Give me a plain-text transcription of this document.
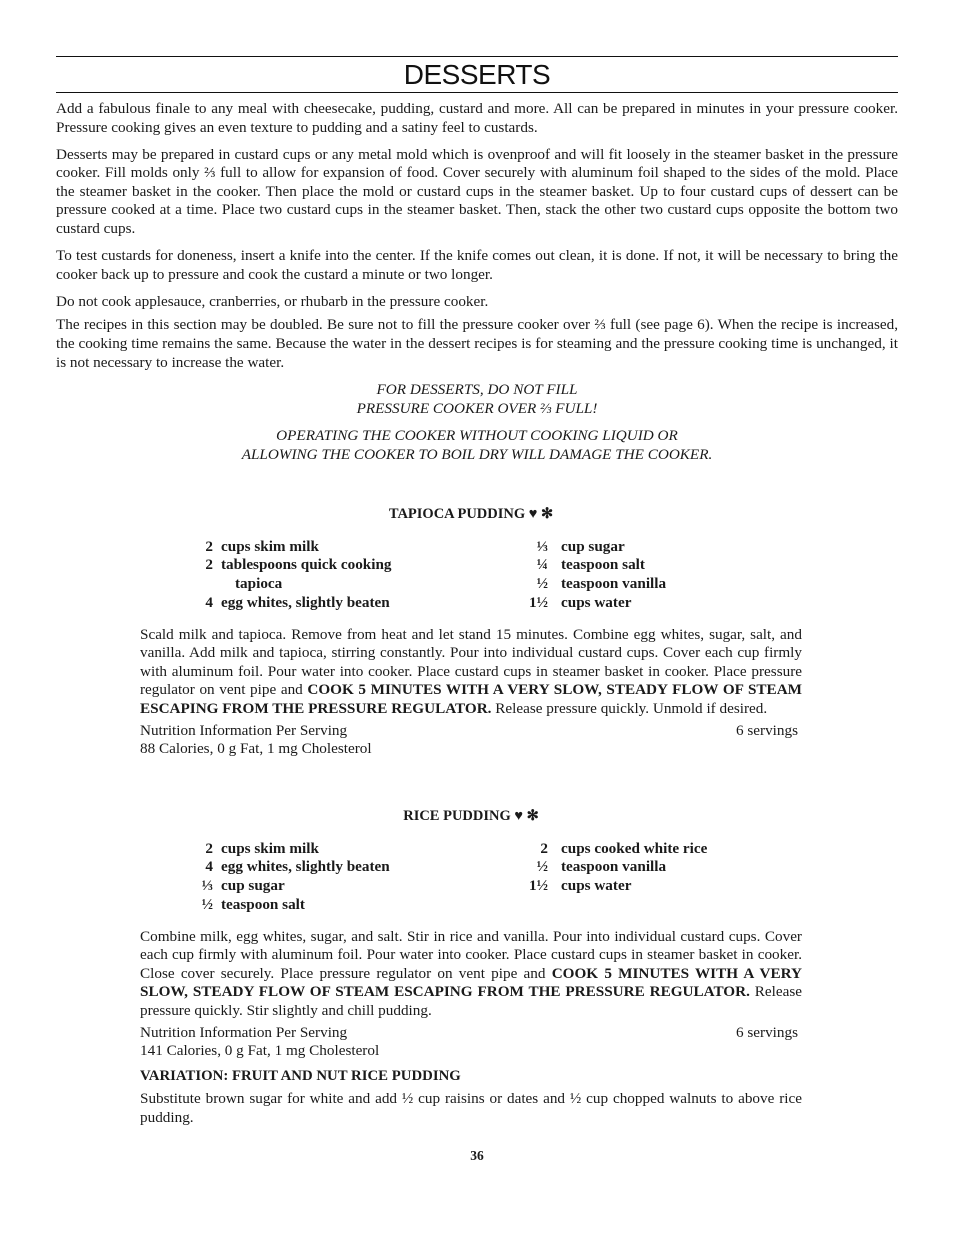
DESSERTS

Add a fabulous finale to any meal with cheesecake, pudding, custard and more. All can be prepared in minutes in your pressure cooker. Pressure cooking gives an even texture to pudding and a satiny feel to custards.

Desserts may be prepared in custard cups or any metal mold which is ovenproof and will fit loosely in the steamer basket in the pressure cooker. Fill molds only ⅔ full to allow for expansion of food. Cover securely with aluminum foil shaped to the sides of the mold. Place the steamer basket in the cooker. Then place the mold or custard cups in the steamer basket. Up to four custard cups of dessert can be pressure cooked at a time. Place two custard cups in the steamer basket. Then, stack the other two custard cups opposite the bottom two custard cups.

To test custards for doneness, insert a knife into the center. If the knife comes out clean, it is done. If not, it will be necessary to bring the cooker back up to pressure and cook the custard a minute or two longer.

Do not cook applesauce, cranberries, or rhubarb in the pressure cooker.

The recipes in this section may be doubled. Be sure not to fill the pressure cooker over ⅔ full (see page 6). When the recipe is increased, the cooking time remains the same. Because the water in the dessert recipes is for steaming and the pressure cooking time is unchanged, it is not necessary to increase the water.

FOR DESSERTS, DO NOT FILL
PRESSURE COOKER OVER ⅔ FULL!
OPERATING THE COOKER WITHOUT COOKING LIQUID OR
ALLOWING THE COOKER TO BOIL DRY WILL DAMAGE THE COOKER.
TAPIOCA PUDDING ♥ ✻
2 cups skim milk
2 tablespoons quick cooking
tapioca
4 egg whites, slightly beaten
⅓ cup sugar
¼ teaspoon salt
½ teaspoon vanilla
1½ cups water

Scald milk and tapioca. Remove from heat and let stand 15 minutes. Combine egg whites, sugar, salt, and vanilla. Add milk and tapioca, stirring constantly. Pour into individual custard cups. Cover each cup firmly with aluminum foil. Pour water into cooker. Place custard cups in steamer basket in cooker. Place pressure regulator on vent pipe and COOK 5 MINUTES WITH A VERY SLOW, STEADY FLOW OF STEAM ESCAPING FROM THE PRESSURE REGULATOR. Release pressure quickly. Unmold if desired.

Nutrition Information Per Serving	6 servings
88 Calories, 0 g Fat, 1 mg Cholesterol
RICE PUDDING ♥ ✻
2 cups skim milk
4 egg whites, slightly beaten
⅓ cup sugar
½ teaspoon salt
2 cups cooked white rice
½ teaspoon vanilla
1½ cups water

Combine milk, egg whites, sugar, and salt. Stir in rice and vanilla. Pour into individual custard cups. Cover each cup firmly with aluminum foil. Pour water into cooker. Place custard cups in steamer basket in cooker. Close cover securely. Place pressure regulator on vent pipe and COOK 5 MINUTES WITH A VERY SLOW, STEADY FLOW OF STEAM ESCAPING FROM THE PRESSURE REGULATOR. Release pressure quickly. Stir slightly and chill pudding.

Nutrition Information Per Serving	6 servings
141 Calories, 0 g Fat, 1 mg Cholesterol
VARIATION: FRUIT AND NUT RICE PUDDING

Substitute brown sugar for white and add ½ cup raisins or dates and ½ cup chopped walnuts to above rice pudding.

36
